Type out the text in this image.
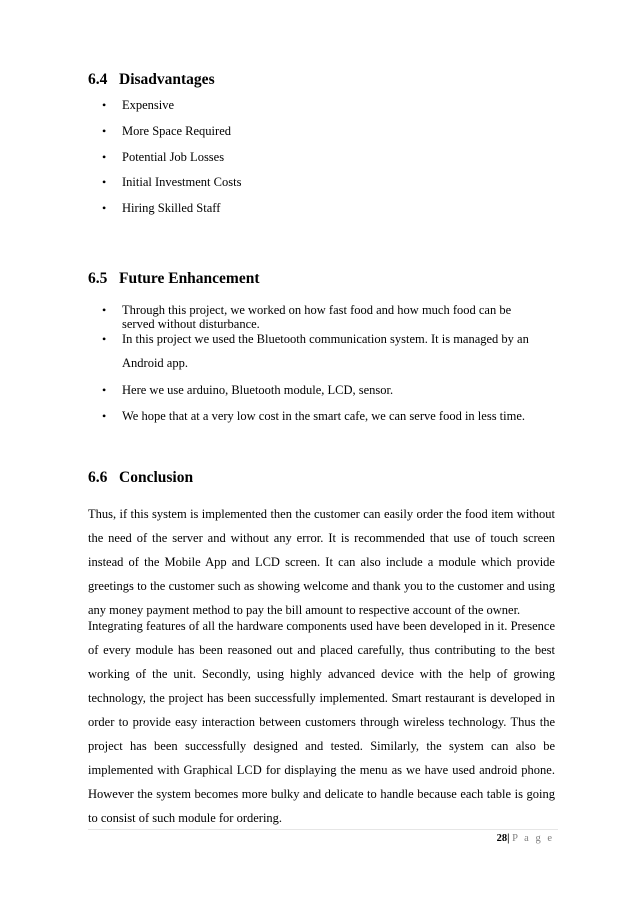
6.4 Disadvantages
• Expensive
• More Space Required
• Potential Job Losses
• Initial Investment Costs
• Hiring Skilled Staff
6.5 Future Enhancement
• Through this project, we worked on how fast food and how much food can be
served without disturbance.
• In this project we used the Bluetooth communication system. It is managed by an
Android app.
• Here we use arduino, Bluetooth module, LCD, sensor.
• We hope that at a very low cost in the smart cafe, we can serve food in less time.
6.6 Conclusion

Thus, if this system is implemented then the customer can easily order the food item without the need of the server and without any error. It is recommended that use of touch screen instead of the Mobile App and LCD screen. It can also include a module which provide greetings to the customer such as showing welcome and thank you to the customer and using any money payment method to pay the bill amount to respective account of the owner.

Integrating features of all the hardware components used have been developed in it. Presence of every module has been reasoned out and placed carefully, thus contributing to the best working of the unit. Secondly, using highly advanced device with the help of growing technology, the project has been successfully implemented. Smart restaurant is developed in order to provide easy interaction between customers through wireless technology. Thus the project has been successfully designed and tested. Similarly, the system can also be implemented with Graphical LCD for displaying the menu as we have used android phone. However the system becomes more bulky and delicate to handle because each table is going to consist of such module for ordering.

28| P a g e
